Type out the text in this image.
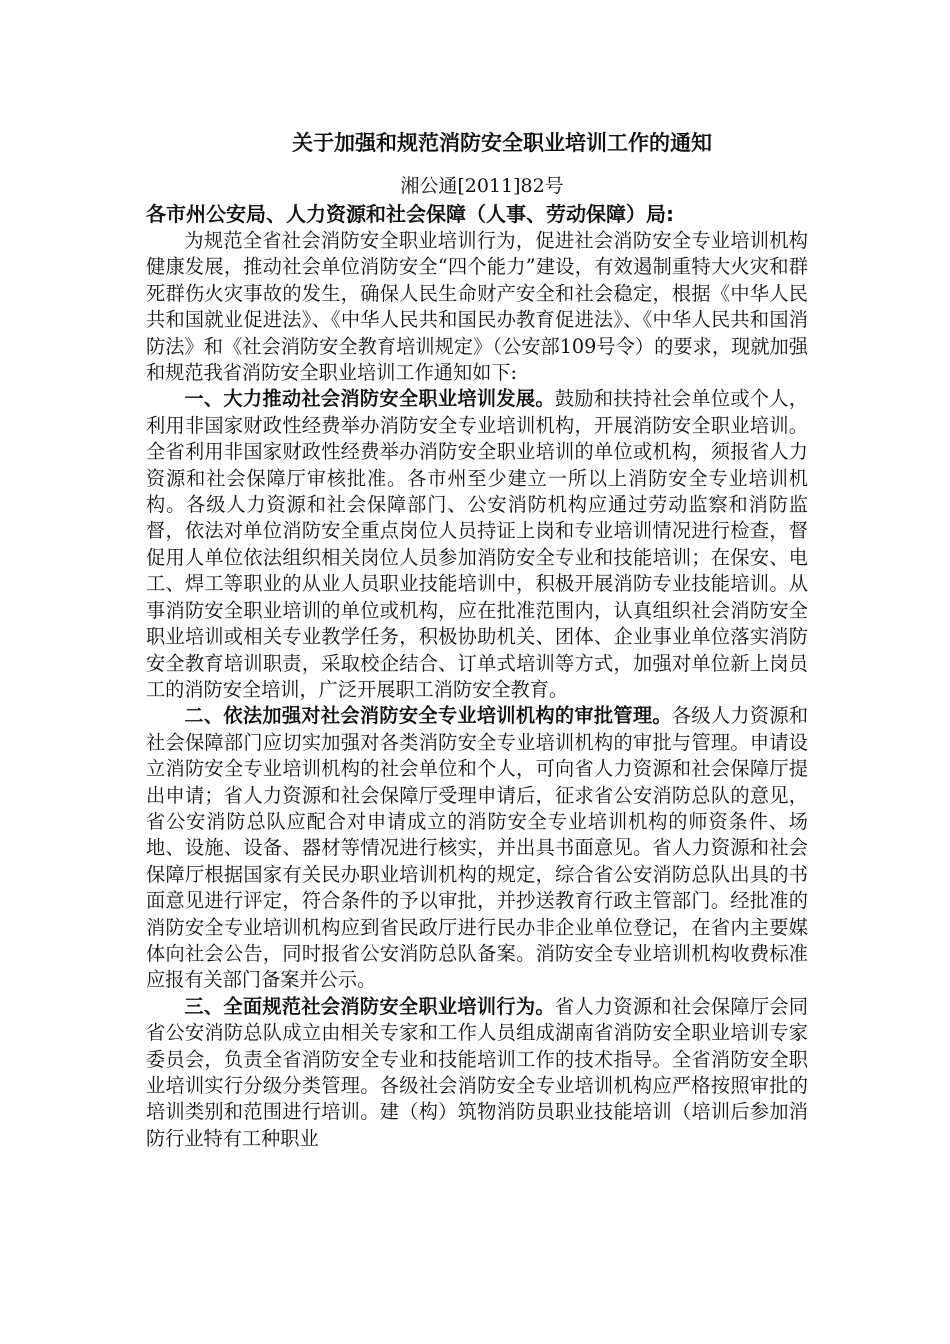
关于加强和规范消防安全职业培训工作的通知

湘公通[2011]82号

各市州公安局、人力资源和社会保障（人事、劳动保障）局:

为规范全省社会消防安全职业培训行为，促进社会消防安全专业培训机构健康发展，推动社会单位消防安全“四个能力”建设，有效遏制重特大火灾和群死群伤火灾事故的发生，确保人民生命财产安全和社会稳定，根据《中华人民共和国就业促进法》、《中华人民共和国民办教育促进法》、《中华人民共和国消防法》和《社会消防安全教育培训规定》（公安部109号令）的要求，现就加强和规范我省消防安全职业培训工作通知如下:

一、大力推动社会消防安全职业培训发展。鼓励和扶持社会单位或个人，利用非国家财政性经费举办消防安全专业培训机构，开展消防安全职业培训。全省利用非国家财政性经费举办消防安全职业培训的单位或机构，须报省人力资源和社会保障厅审核批准。各市州至少建立一所以上消防安全专业培训机构。各级人力资源和社会保障部门、公安消防机构应通过劳动监察和消防监督，依法对单位消防安全重点岗位人员持证上岗和专业培训情况进行检查，督促用人单位依法组织相关岗位人员参加消防安全专业和技能培训；在保安、电工、焊工等职业的从业人员职业技能培训中，积极开展消防专业技能培训。从事消防安全职业培训的单位或机构，应在批准范围内，认真组织社会消防安全职业培训或相关专业教学任务，积极协助机关、团体、企业事业单位落实消防安全教育培训职责，采取校企结合、订单式培训等方式，加强对单位新上岗员工的消防安全培训，广泛开展职工消防安全教育。

二、依法加强对社会消防安全专业培训机构的审批管理。各级人力资源和社会保障部门应切实加强对各类消防安全专业培训机构的审批与管理。申请设立消防安全专业培训机构的社会单位和个人，可向省人力资源和社会保障厅提出申请；省人力资源和社会保障厅受理申请后，征求省公安消防总队的意见，省公安消防总队应配合对申请成立的消防安全专业培训机构的师资条件、场地、设施、设备、器材等情况进行核实，并出具书面意见。省人力资源和社会保障厅根据国家有关民办职业培训机构的规定，综合省公安消防总队出具的书面意见进行评定，符合条件的予以审批，并抄送教育行政主管部门。经批准的消防安全专业培训机构应到省民政厅进行民办非企业单位登记，在省内主要媒体向社会公告，同时报省公安消防总队备案。消防安全专业培训机构收费标准应报有关部门备案并公示。

三、全面规范社会消防安全职业培训行为。省人力资源和社会保障厅会同省公安消防总队成立由相关专家和工作人员组成湖南省消防安全职业培训专家委员会，负责全省消防安全专业和技能培训工作的技术指导。全省消防安全职业培训实行分级分类管理。各级社会消防安全专业培训机构应严格按照审批的培训类别和范围进行培训。建（构）筑物消防员职业技能培训（培训后参加消防行业特有工种职业
